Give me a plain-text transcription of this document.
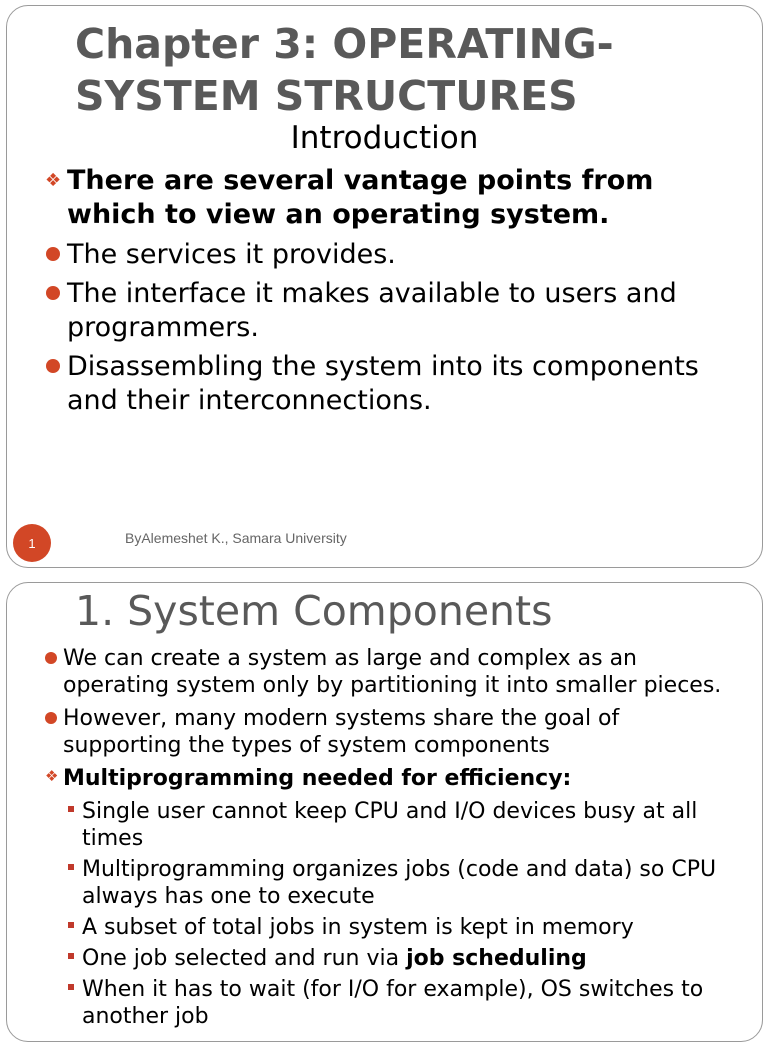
Chapter 3: OPERATING-SYSTEM STRUCTURES
Introduction
❖ There are several vantage points from which to view an operating system.
The services it provides.
The interface it makes available to users and programmers.
Disassembling the system into its components and their interconnections.
1	ByAlemeshet K., Samara University
1. System Components
We can create a system as large and complex as an operating system only by partitioning it into smaller pieces.
However, many modern systems share the goal of supporting the types of system components
❖ Multiprogramming needed for efficiency:
Single user cannot keep CPU and I/O devices busy at all times
Multiprogramming organizes jobs (code and data) so CPU always has one to execute
A subset of total jobs in system is kept in memory
One job selected and run via job scheduling
When it has to wait (for I/O for example), OS switches to another job
